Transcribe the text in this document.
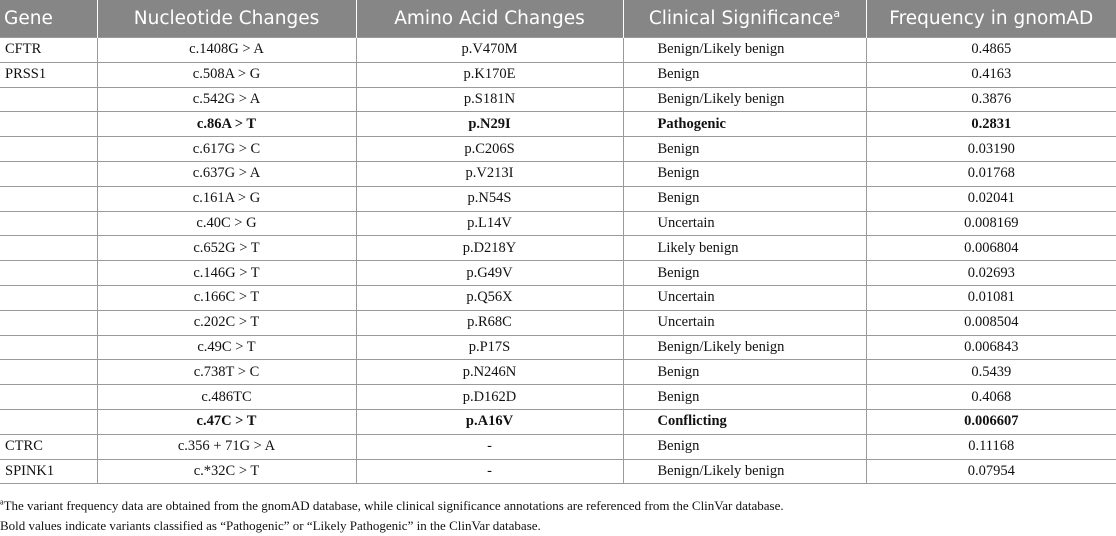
Gene	Nucleotide Changes	Amino Acid Changes	Clinical Significance$^a$	Frequency in gnomAD
CFTR	c.1408G > A	p.V470M	Benign/Likely benign	0.4865
PRSS1	c.508A > G	p.K170E	Benign	0.4163
	c.542G > A	p.S181N	Benign/Likely benign	0.3876
	c.86A > T	p.N29I	Pathogenic	0.2831
	c.617G > C	p.C206S	Benign	0.03190
	c.637G > A	p.V213I	Benign	0.01768
	c.161A > G	p.N54S	Benign	0.02041
	c.40C > G	p.L14V	Uncertain	0.008169
	c.652G > T	p.D218Y	Likely benign	0.006804
	c.146G > T	p.G49V	Benign	0.02693
	c.166C > T	p.Q56X	Uncertain	0.01081
	c.202C > T	p.R68C	Uncertain	0.008504
	c.49C > T	p.P17S	Benign/Likely benign	0.006843
	c.738T > C	p.N246N	Benign	0.5439
	c.486TC	p.D162D	Benign	0.4068
	c.47C > T	p.A16V	Conflicting	0.006607
CTRC	c.356 + 71G > A	-	Benign	0.11168
SPINK1	c.*32C > T	-	Benign/Likely benign	0.07954

$^a$The variant frequency data are obtained from the gnomAD database, while clinical significance annotations are referenced from the ClinVar database.

Bold values indicate variants classified as “Pathogenic” or “Likely Pathogenic” in the ClinVar database.
